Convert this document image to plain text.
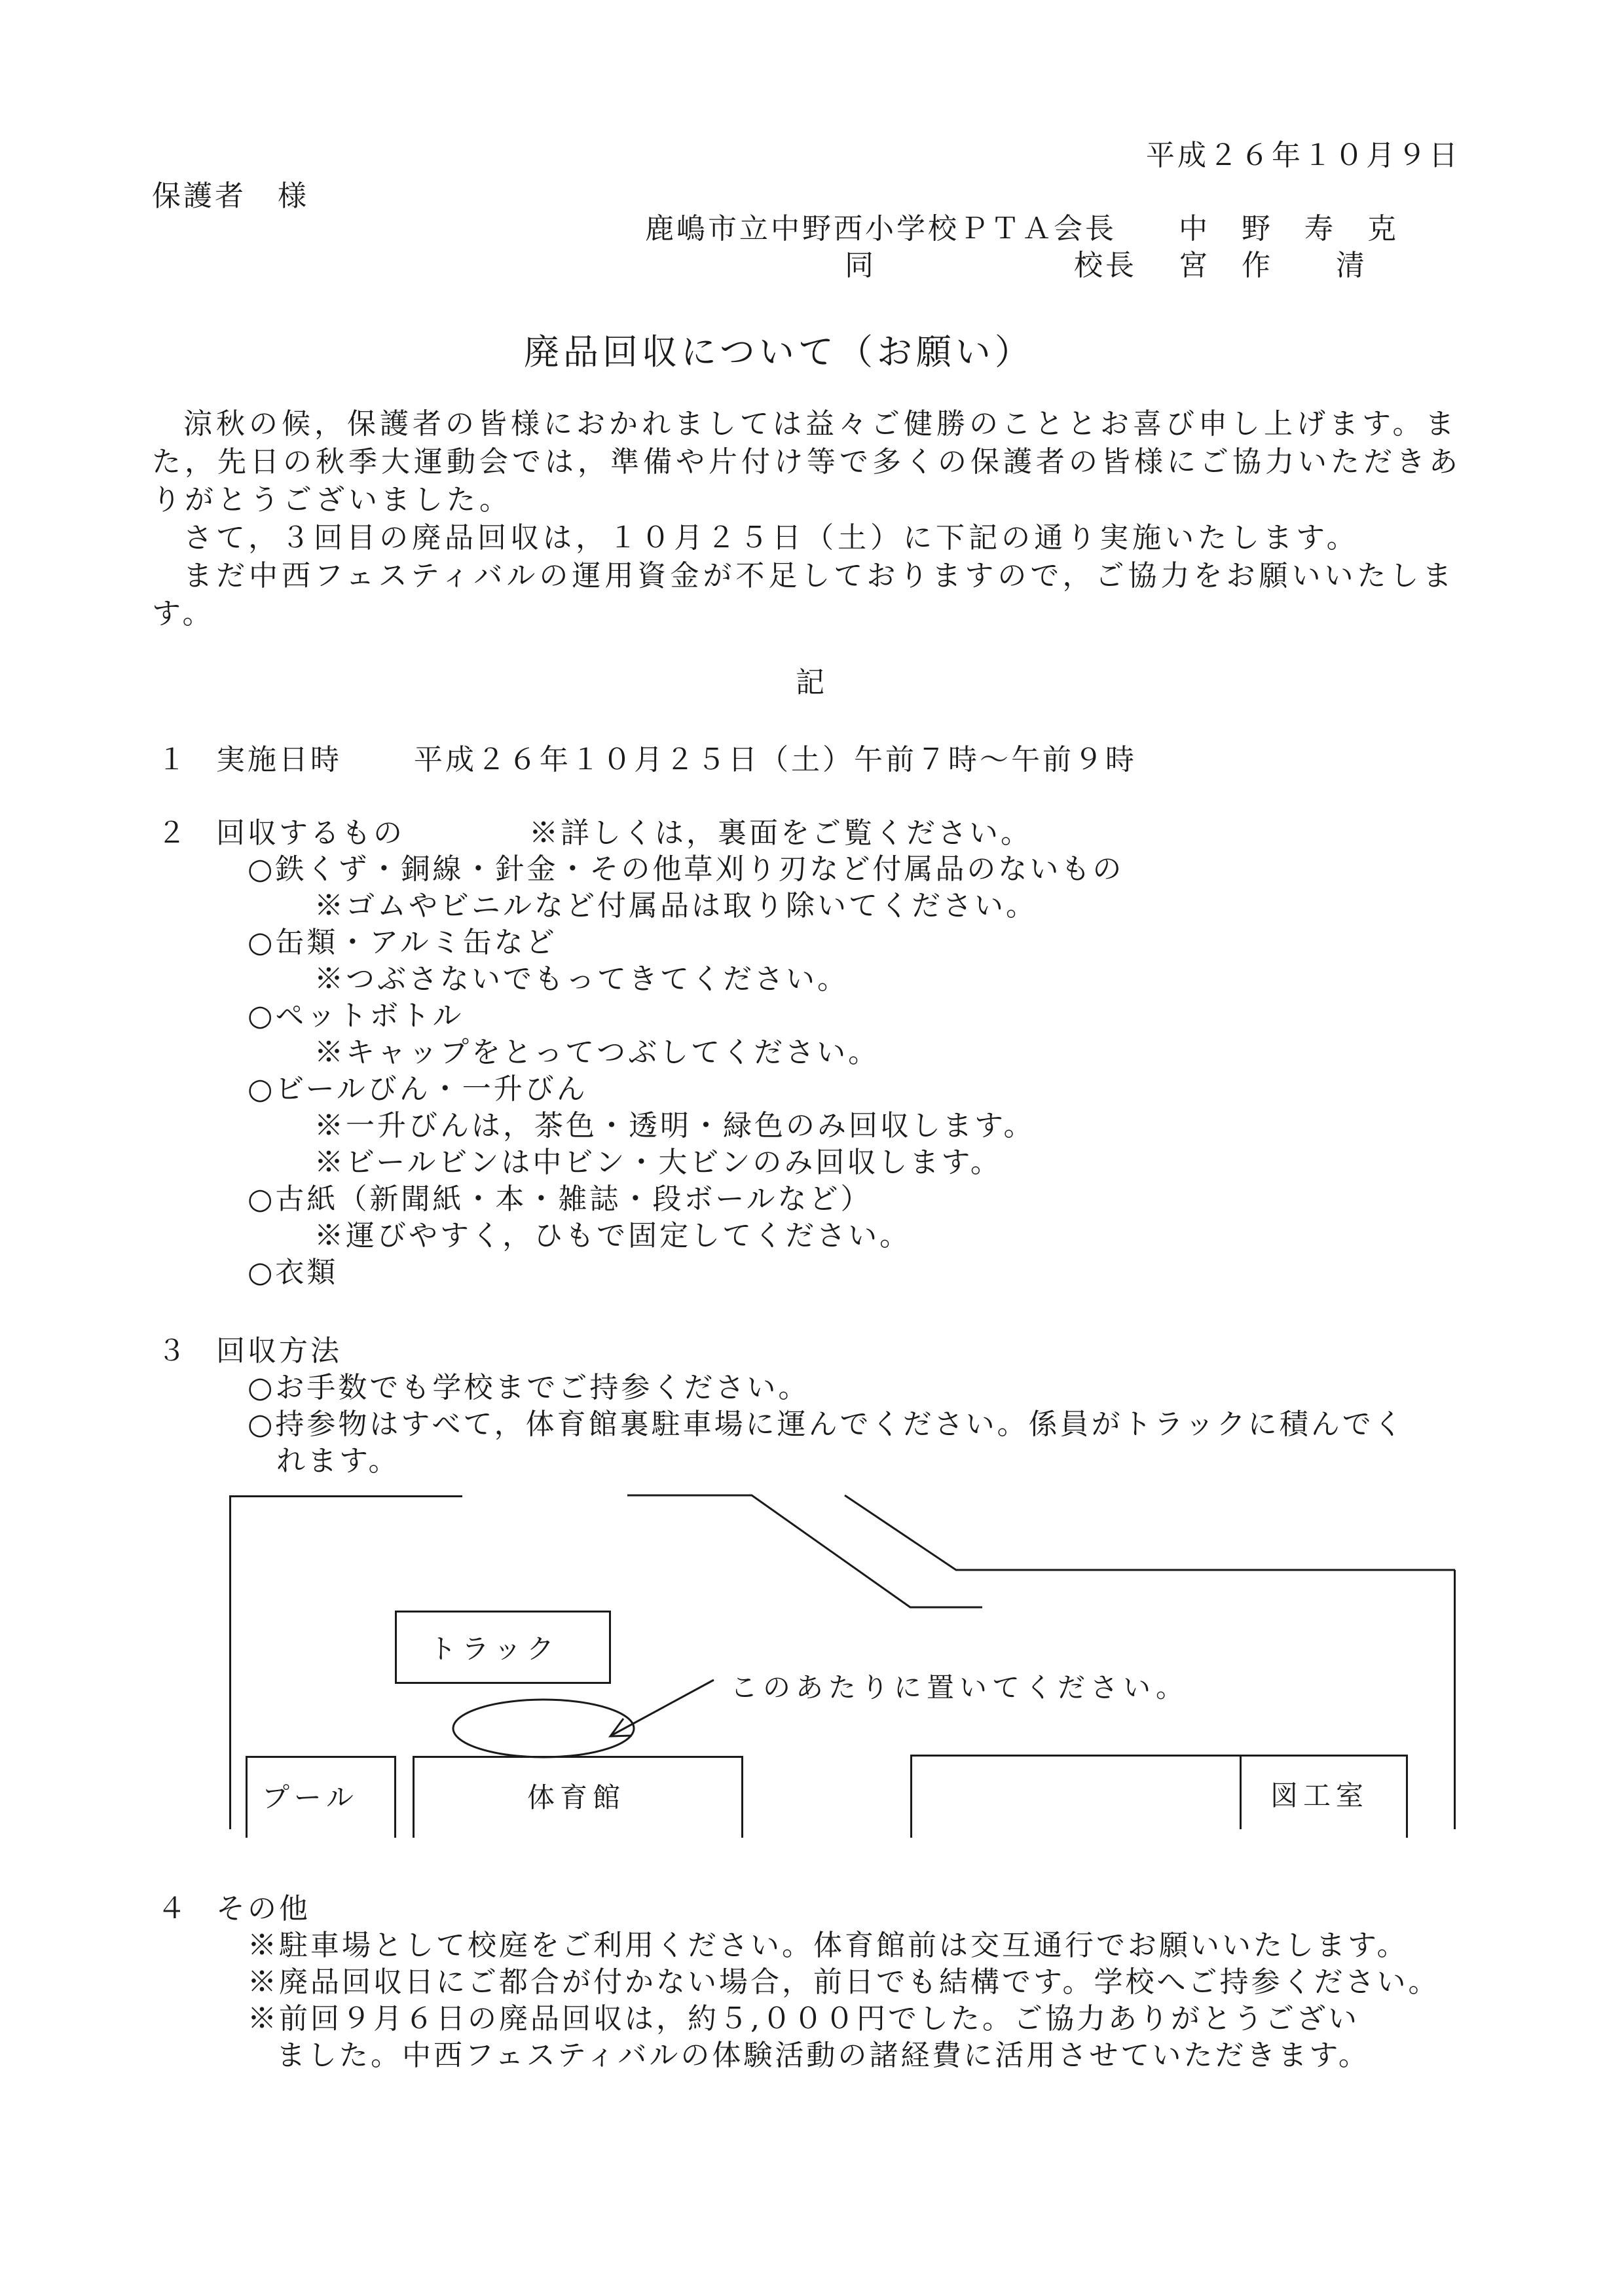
平成２６年１０月９日
保護者　様
鹿嶋市立中野西小学校ＰＴＡ会長 中　野　寿　克
同	校長 宮　作　　清
廃品回収について（お願い）
涼秋の候，保護者の皆様におかれましては益々ご健勝のこととお喜び申し上げます。ま
た，先日の秋季大運動会では，準備や片付け等で多くの保護者の皆様にご協力いただきあ
りがとうございました。
さて，３回目の廃品回収は，１０月２５日（土）に下記の通り実施いたします。
まだ中西フェスティバルの運用資金が不足しておりますので，ご協力をお願いいたしま
す。
記
１ 実施日時	平成２６年１０月２５日（土）午前７時～午前９時
２ 回収するもの	※詳しくは，裏面をご覧ください。
○鉄くず・銅線・針金・その他草刈り刃など付属品のないもの
※ゴムやビニルなど付属品は取り除いてください。
○缶類・アルミ缶など
※つぶさないでもってきてください。
○ペットボトル
※キャップをとってつぶしてください。
○ビールびん・一升びん
※一升びんは，茶色・透明・緑色のみ回収します。
※ビールビンは中ビン・大ビンのみ回収します。
○古紙（新聞紙・本・雑誌・段ボールなど）
※運びやすく，ひもで固定してください。
○衣類
３ 回収方法
○お手数でも学校までご持参ください。
○持参物はすべて，体育館裏駐車場に運んでください。係員がトラックに積んでく
れます。
トラック
このあたりに置いてください。
プール	体育館	図工室
４ その他
※駐車場として校庭をご利用ください。体育館前は交互通行でお願いいたします。
※廃品回収日にご都合が付かない場合，前日でも結構です。学校へご持参ください。
※前回９月６日の廃品回収は，約５,０００円でした。ご協力ありがとうござい
ました。中西フェスティバルの体験活動の諸経費に活用させていただきます。
